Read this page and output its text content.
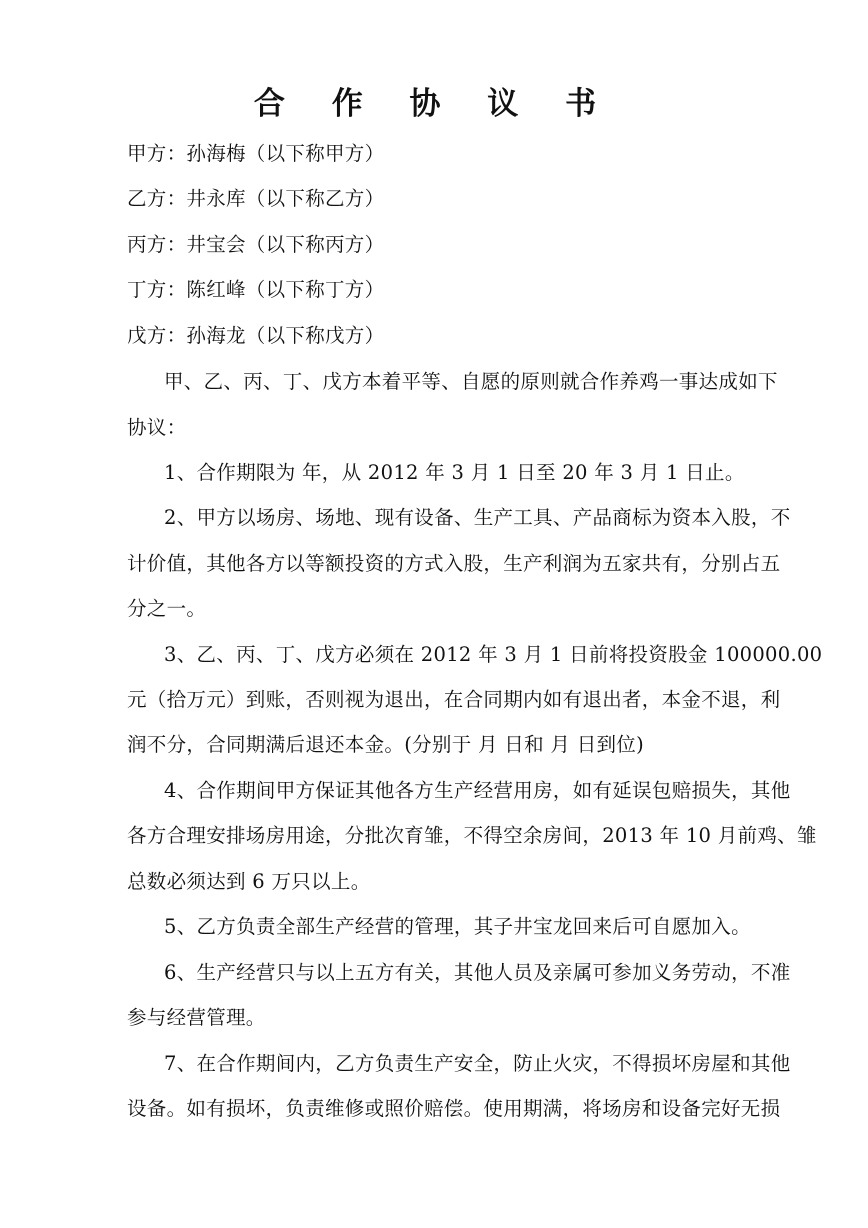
合 作 协 议 书
甲方：孙海梅（以下称甲方）
乙方：井永库（以下称乙方）
丙方：井宝会（以下称丙方）
丁方：陈红峰（以下称丁方）
戊方：孙海龙（以下称戊方）
甲、乙、丙、丁、戊方本着平等、自愿的原则就合作养鸡一事达成如下
协议：
1、合作期限为 年，从 2012 年 3 月 1 日至 20 年 3 月 1 日止。
2、甲方以场房、场地、现有设备、生产工具、产品商标为资本入股，不
计价值，其他各方以等额投资的方式入股，生产利润为五家共有，分别占五
分之一。
3、乙、丙、丁、戊方必须在 2012 年 3 月 1 日前将投资股金 100000.00
元（拾万元）到账，否则视为退出，在合同期内如有退出者，本金不退，利
润不分，合同期满后退还本金。(分别于 月 日和 月 日到位)
4、合作期间甲方保证其他各方生产经营用房，如有延误包赔损失，其他
各方合理安排场房用途，分批次育雏，不得空余房间，2013 年 10 月前鸡、雏
总数必须达到 6 万只以上。
5、乙方负责全部生产经营的管理，其子井宝龙回来后可自愿加入。
6、生产经营只与以上五方有关，其他人员及亲属可参加义务劳动，不准
参与经营管理。
7、在合作期间内，乙方负责生产安全，防止火灾，不得损坏房屋和其他
设备。如有损坏，负责维修或照价赔偿。使用期满，将场房和设备完好无损
